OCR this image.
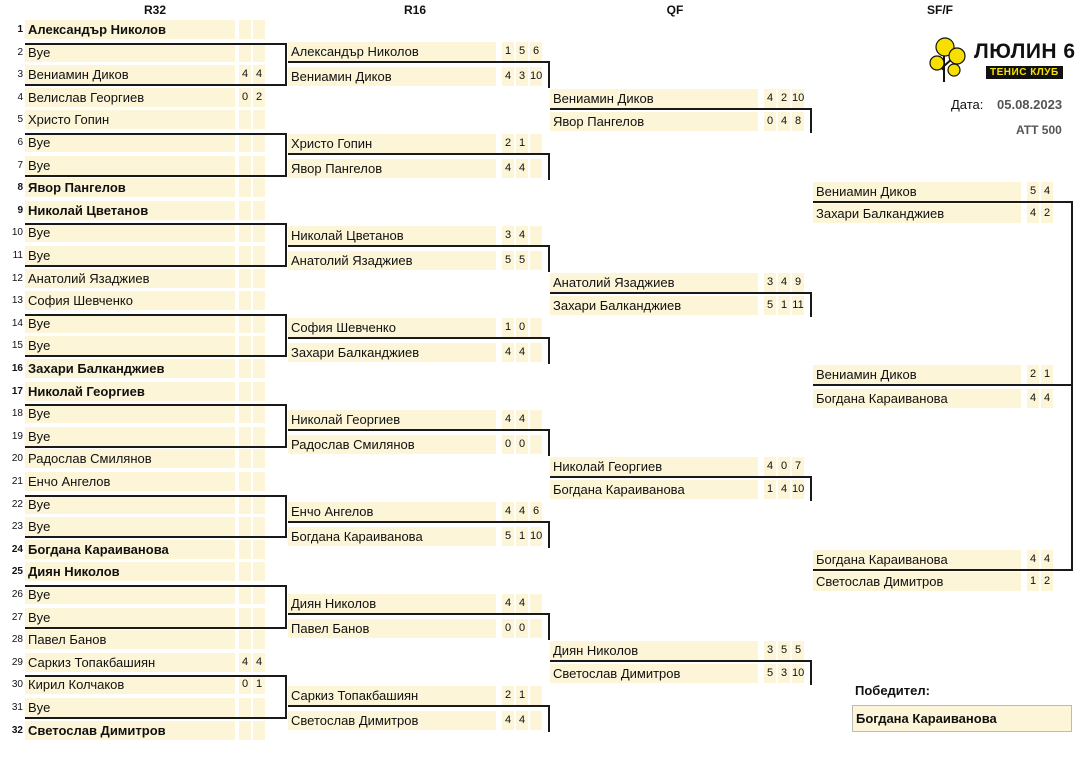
R32	R16	QF	SF/F
1 Александър Николов
2 Bye
3 Вениамин Диков	4 4
4 Велислав Георгиев	0 2
5 Христо Гопин
6 Bye
7 Bye
8 Явор Пангелов
9 Николай Цветанов
10 Bye
11 Bye
12 Анатолий Язаджиев
13 София Шевченко
14 Bye
15 Bye
16 Захари Балканджиев
17 Николай Георгиев
18 Bye
19 Bye
20 Радослав Смилянов
21 Енчо Ангелов
22 Bye
23 Bye
24 Богдана Караиванова
25 Диян Николов
26 Bye
27 Bye
28 Павел Банов
29 Саркиз Топакбашиян	4 4
30 Кирил Колчаков	0 1
31 Bye
32 Светослав Димитров
Александър Николов	1 5 6
Вениамин Диков	4 3 10
Христо Гопин	2 1
Явор Пангелов	4 4
Николай Цветанов	3 4
Анатолий Язаджиев	5 5
София Шевченко	1 0
Захари Балканджиев	4 4
Николай Георгиев	4 4
Радослав Смилянов	0 0
Енчо Ангелов	4 4 6
Богдана Караиванова	5 1 10
Диян Николов	4 4
Павел Банов	0 0
Саркиз Топакбашиян	2 1
Светослав Димитров	4 4
Вениамин Диков	4 2 10
Явор Пангелов	0 4 8
Анатолий Язаджиев	3 4 9
Захари Балканджиев	5 1 11
Николай Георгиев	4 0 7
Богдана Караиванова	1 4 10
Диян Николов	3 5 5
Светослав Димитров	5 3 10
Вениамин Диков	5 4
Захари Балканджиев	4 2
Богдана Караиванова	4 4
Светослав Димитров	1 2
Вениамин Диков	2 1
Богдана Караиванова	4 4
ЛЮЛИН 6
ТЕНИС КЛУБ
Дата: 05.08.2023
ATT 500
Победител:
Богдана Караиванова
